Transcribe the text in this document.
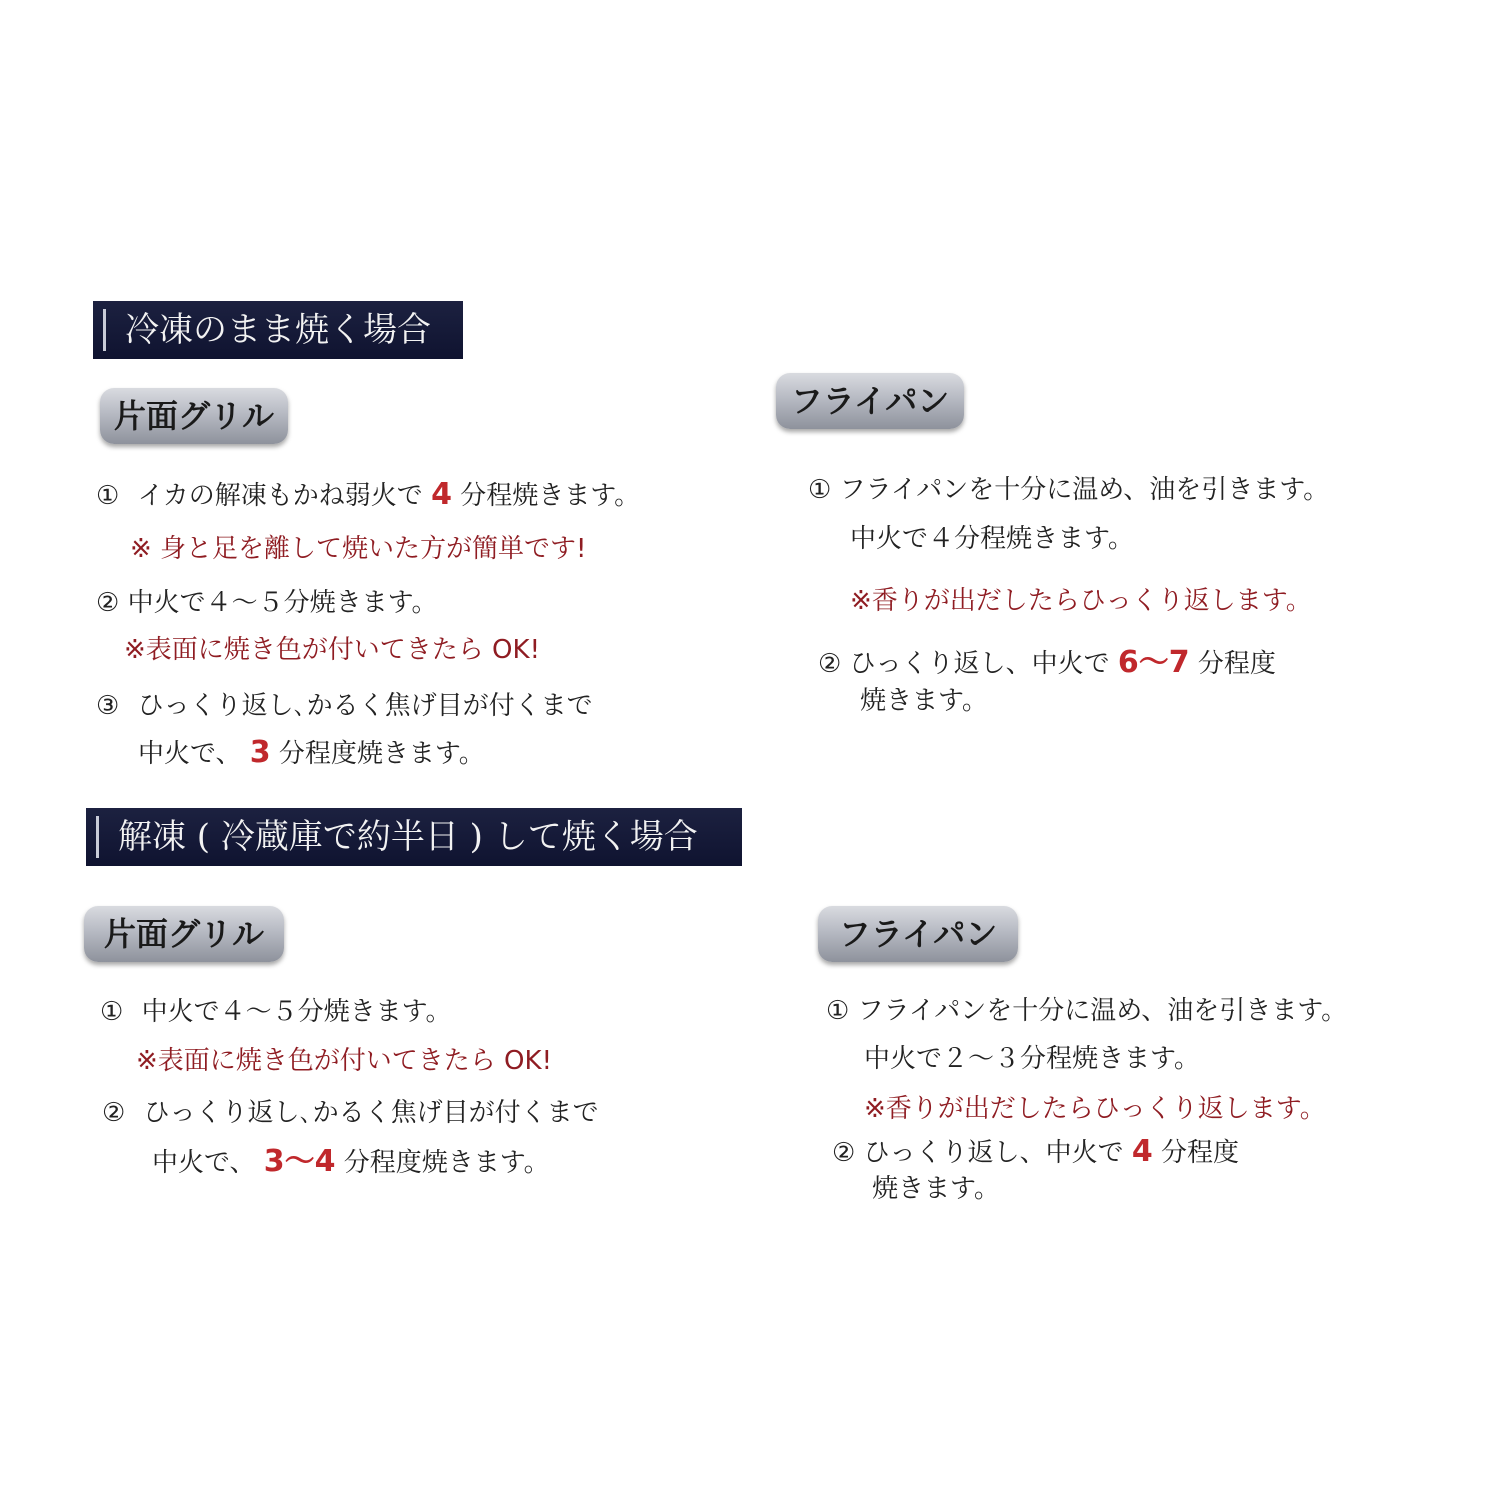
冷凍のまま焼く場合
片面グリル
① イカの解凍もかね弱火で 4 分程焼きます。
※ 身と足を離して焼いた方が簡単です!
② 中火で４～５分焼きます。
※表面に焼き色が付いてきたら OK!
③ ひっくり返し､かるく焦げ目が付くまで
中火で、 3 分程度焼きます。
フライパン
① フライパンを十分に温め、油を引きます。
中火で４分程焼きます。
※香りが出だしたらひっくり返します。
② ひっくり返し、中火で 6～7 分程度
焼きます。
解凍 ( 冷蔵庫で約半日 ) して焼く場合
片面グリル
① 中火で４～５分焼きます。
※表面に焼き色が付いてきたら OK!
② ひっくり返し､かるく焦げ目が付くまで
中火で、 3～4 分程度焼きます。
フライパン
① フライパンを十分に温め、油を引きます。
中火で２～３分程焼きます。
※香りが出だしたらひっくり返します。
② ひっくり返し、中火で 4 分程度
焼きます。
